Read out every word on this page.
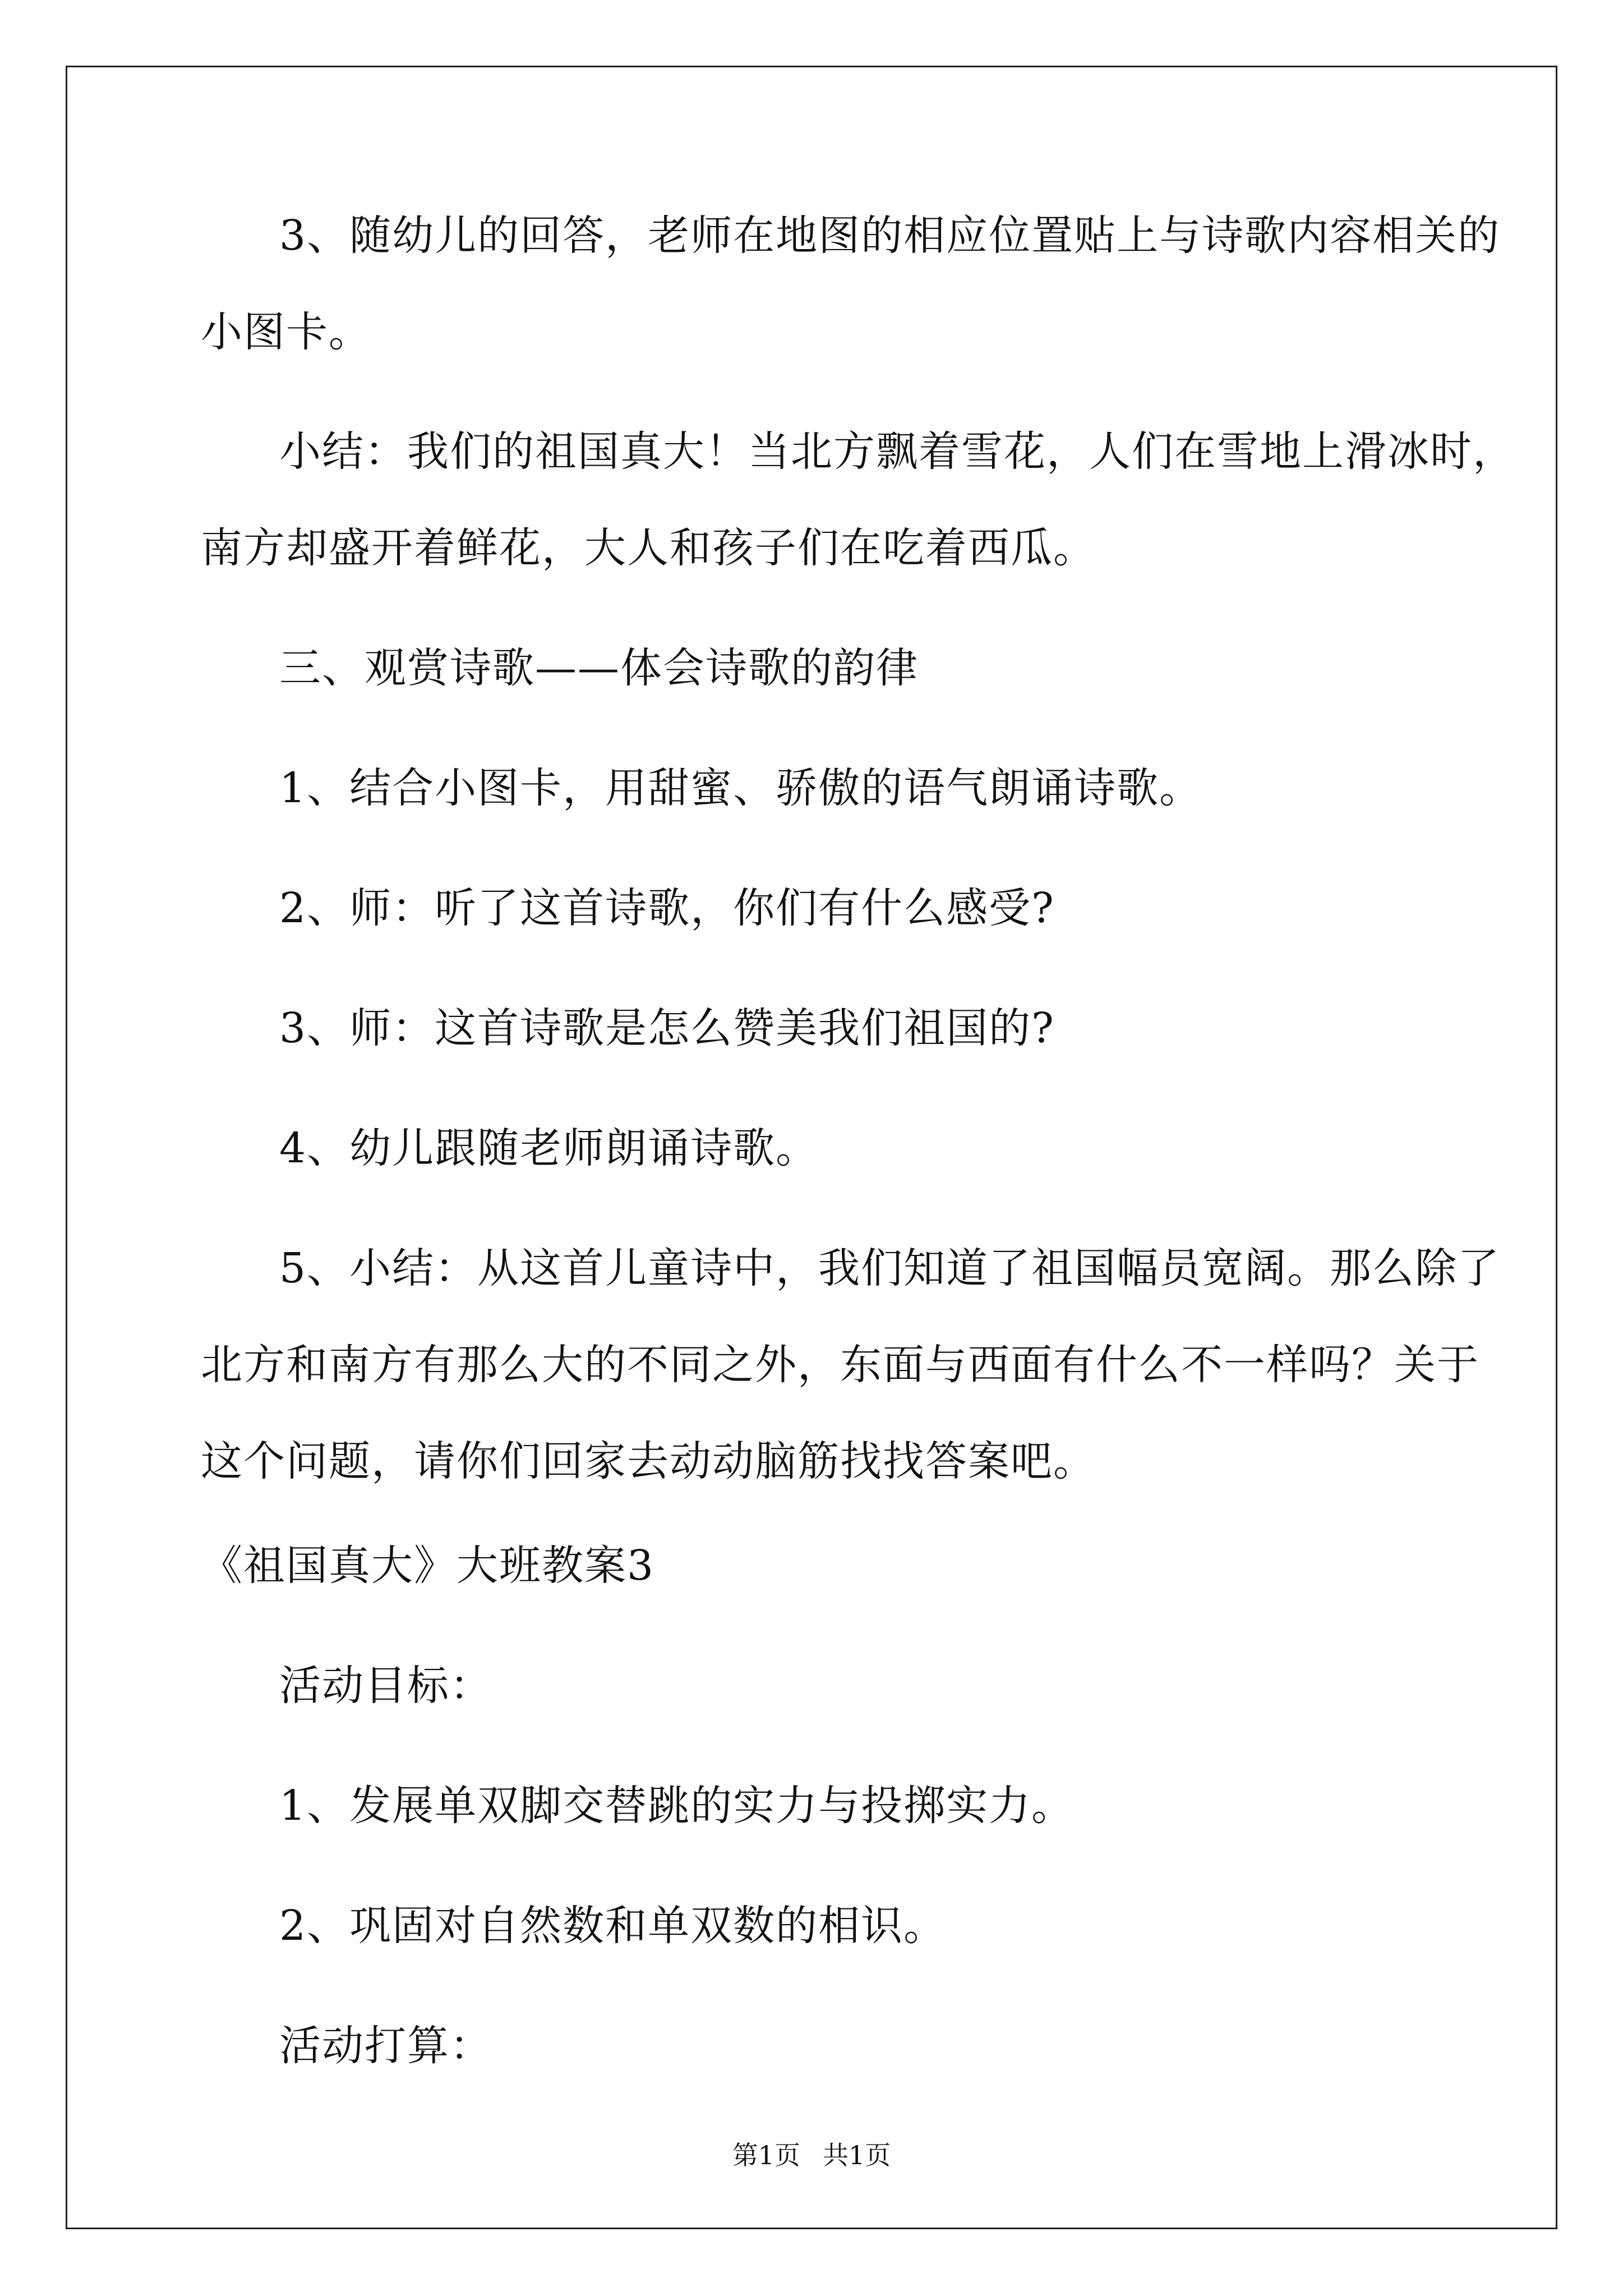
3、随幼儿的回答，老师在地图的相应位置贴上与诗歌内容相关的
小图卡。
小结：我们的祖国真大！当北方飘着雪花，人们在雪地上滑冰时，
南方却盛开着鲜花，大人和孩子们在吃着西瓜。
三、观赏诗歌——体会诗歌的韵律
1、结合小图卡，用甜蜜、骄傲的语气朗诵诗歌。
2、师：听了这首诗歌，你们有什么感受?
3、师：这首诗歌是怎么赞美我们祖国的?
4、幼儿跟随老师朗诵诗歌。
5、小结：从这首儿童诗中，我们知道了祖国幅员宽阔。那么除了
北方和南方有那么大的不同之外，东面与西面有什么不一样吗？关于
这个问题，请你们回家去动动脑筋找找答案吧。
《祖国真大》大班教案3
活动目标：
1、发展单双脚交替跳的实力与投掷实力。
2、巩固对自然数和单双数的相识。
活动打算：
第1页 共1页
